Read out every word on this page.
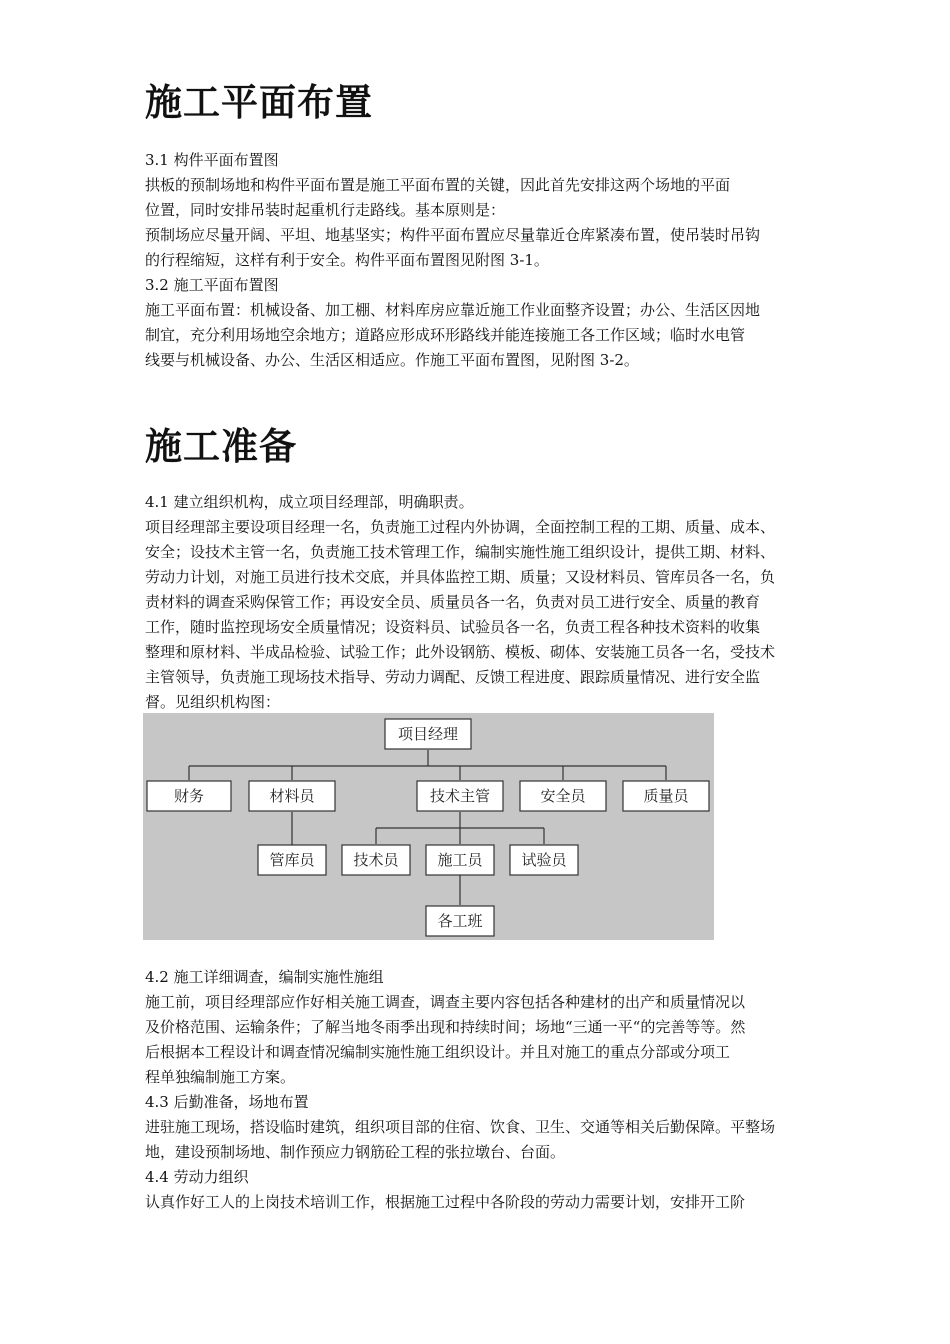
施工平面布置
3.1 构件平面布置图
拱板的预制场地和构件平面布置是施工平面布置的关键，因此首先安排这两个场地的平面
位置，同时安排吊装时起重机行走路线。基本原则是：
预制场应尽量开阔、平坦、地基坚实；构件平面布置应尽量靠近仓库紧凑布置，使吊装时吊钩
的行程缩短，这样有利于安全。构件平面布置图见附图 3-1。
3.2 施工平面布置图
施工平面布置：机械设备、加工棚、材料库房应靠近施工作业面整齐设置；办公、生活区因地
制宜，充分利用场地空余地方；道路应形成环形路线并能连接施工各工作区域；临时水电管
线要与机械设备、办公、生活区相适应。作施工平面布置图，见附图 3-2。
施工准备
4.1 建立组织机构，成立项目经理部，明确职责。
项目经理部主要设项目经理一名，负责施工过程内外协调，全面控制工程的工期、质量、成本、
安全；设技术主管一名，负责施工技术管理工作，编制实施性施工组织设计，提供工期、材料、
劳动力计划，对施工员进行技术交底，并具体监控工期、质量；又设材料员、管库员各一名，负
责材料的调查采购保管工作；再设安全员、质量员各一名，负责对员工进行安全、质量的教育
工作，随时监控现场安全质量情况；设资料员、试验员各一名，负责工程各种技术资料的收集
整理和原材料、半成品检验、试验工作；此外设钢筋、模板、砌体、安装施工员各一名，受技术
主管领导，负责施工现场技术指导、劳动力调配、反馈工程进度、跟踪质量情况、进行安全监
督。见组织机构图：
项目经理
财务	材料员	技术主管	安全员	质量员
管库员	技术员	施工员	试验员
各工班
4.2 施工详细调查，编制实施性施组
施工前，项目经理部应作好相关施工调查，调查主要内容包括各种建材的出产和质量情况以
及价格范围、运输条件；了解当地冬雨季出现和持续时间；场地“三通一平“的完善等等。然
后根据本工程设计和调查情况编制实施性施工组织设计。并且对施工的重点分部或分项工
程单独编制施工方案。
4.3 后勤准备，场地布置
进驻施工现场，搭设临时建筑，组织项目部的住宿、饮食、卫生、交通等相关后勤保障。平整场
地，建设预制场地、制作预应力钢筋砼工程的张拉墩台、台面。
4.4 劳动力组织
认真作好工人的上岗技术培训工作，根据施工过程中各阶段的劳动力需要计划，安排开工阶
